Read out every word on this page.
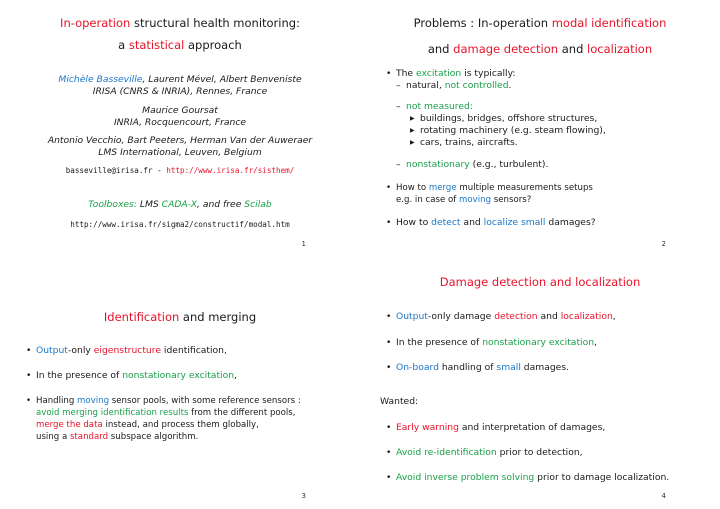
In-operation structural health monitoring:
a statistical approach
Michèle Basseville, Laurent Mével, Albert Benveniste
IRISA (CNRS & INRIA), Rennes, France
Maurice Goursat
INRIA, Rocquencourt, France
Antonio Vecchio, Bart Peeters, Herman Van der Auweraer
LMS International, Leuven, Belgium
basseville@irisa.fr - http://www.irisa.fr/sisthem/
Toolboxes: LMS CADA-X, and free Scilab
http://www.irisa.fr/sigma2/constructif/modal.htm
1
Problems : In-operation modal identification
and damage detection and localization
• The excitation is typically:
– natural, not controlled.
– not measured:
▶ buildings, bridges, offshore structures,
▶ rotating machinery (e.g. steam flowing),
▶ cars, trains, aircrafts.
– nonstationary (e.g., turbulent).
• How to merge multiple measurements setups
e.g. in case of moving sensors?
• How to detect and localize small damages?
2
Identification and merging
• Output-only eigenstructure identification,
• In the presence of nonstationary excitation,
• Handling moving sensor pools, with some reference sensors :
avoid merging identification results from the different pools,
merge the data instead, and process them globally,
using a standard subspace algorithm.
3
Damage detection and localization
• Output-only damage detection and localization,
• In the presence of nonstationary excitation,
• On-board handling of small damages.
Wanted:
• Early warning and interpretation of damages,
• Avoid re-identification prior to detection,
• Avoid inverse problem solving prior to damage localization.
4
